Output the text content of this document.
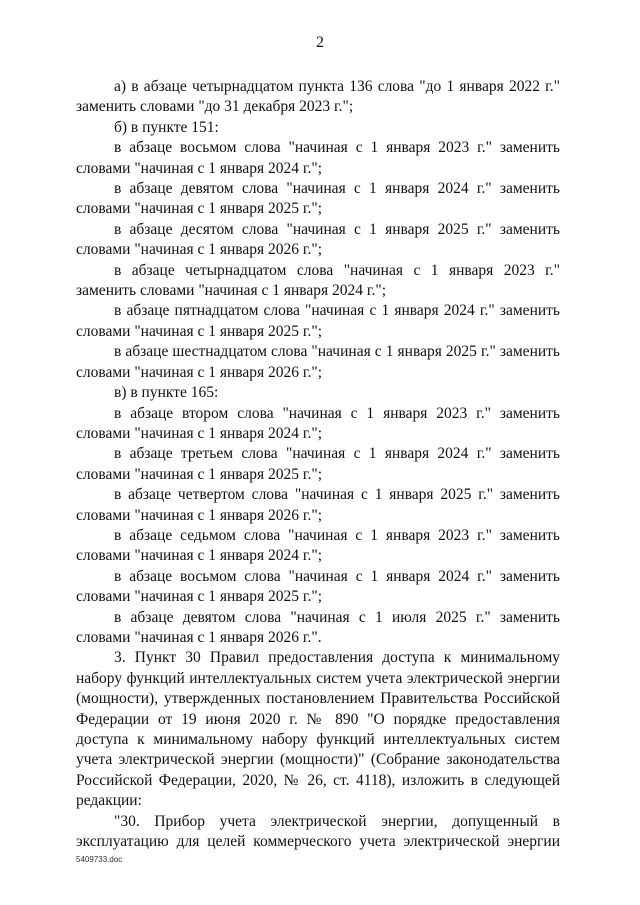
2

а) в абзаце четырнадцатом пункта 136 слова "до 1 января 2022 г." заменить словами "до 31 декабря 2023 г.";

б) в пункте 151:

в абзаце восьмом слова "начиная с 1 января 2023 г." заменить словами "начиная с 1 января 2024 г.";

в абзаце девятом слова "начиная с 1 января 2024 г." заменить словами "начиная с 1 января 2025 г.";

в абзаце десятом слова "начиная с 1 января 2025 г." заменить словами "начиная с 1 января 2026 г.";

в абзаце четырнадцатом слова "начиная с 1 января 2023 г." заменить словами "начиная с 1 января 2024 г.";

в абзаце пятнадцатом слова "начиная с 1 января 2024 г." заменить словами "начиная с 1 января 2025 г.";

в абзаце шестнадцатом слова "начиная с 1 января 2025 г." заменить словами "начиная с 1 января 2026 г.";

в) в пункте 165:

в абзаце втором слова "начиная с 1 января 2023 г." заменить словами "начиная с 1 января 2024 г.";

в абзаце третьем слова "начиная с 1 января 2024 г." заменить словами "начиная с 1 января 2025 г.";

в абзаце четвертом слова "начиная с 1 января 2025 г." заменить словами "начиная с 1 января 2026 г.";

в абзаце седьмом слова "начиная с 1 января 2023 г." заменить словами "начиная с 1 января 2024 г.";

в абзаце восьмом слова "начиная с 1 января 2024 г." заменить словами "начиная с 1 января 2025 г.";

в абзаце девятом слова "начиная с 1 июля 2025 г." заменить словами "начиная с 1 января 2026 г.".

3. Пункт 30 Правил предоставления доступа к минимальному набору функций интеллектуальных систем учета электрической энергии (мощности), утвержденных постановлением Правительства Российской Федерации от 19 июня 2020 г. № 890 "О порядке предоставления доступа к минимальному набору функций интеллектуальных систем учета электрической энергии (мощности)" (Собрание законодательства Российской Федерации, 2020, № 26, ст. 4118), изложить в следующей редакции:

"30. Прибор учета электрической энергии, допущенный в эксплуатацию для целей коммерческого учета электрической энергии

5409733.doc
